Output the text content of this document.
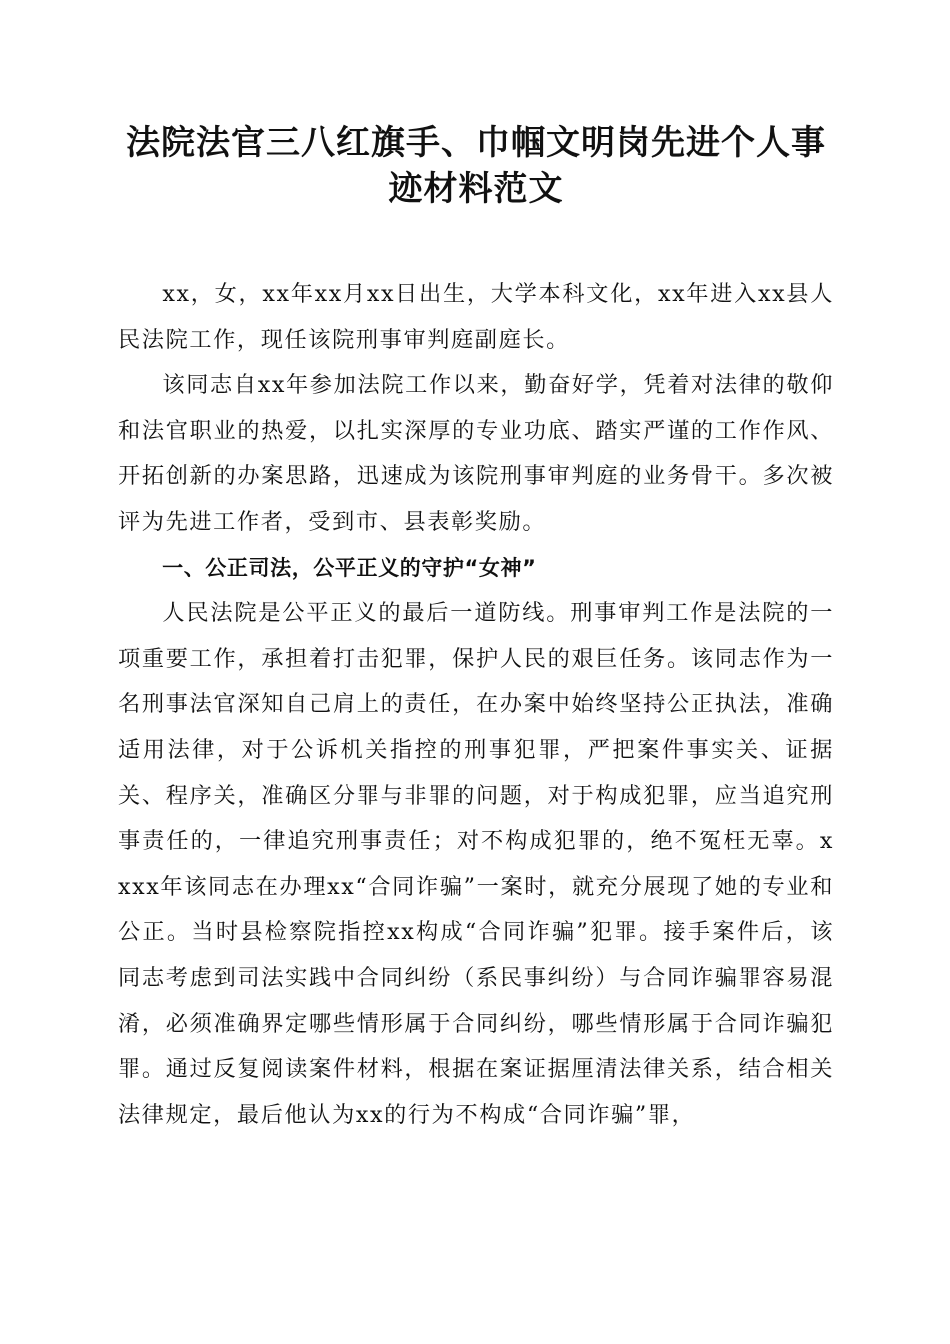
法院法官三八红旗手、巾帼文明岗先进个人事
迹材料范文

xx，女，xx年xx月xx日出生，大学本科文化，xx年进入xx县人民法院工作，现任该院刑事审判庭副庭长。

该同志自xx年参加法院工作以来，勤奋好学，凭着对法律的敬仰和法官职业的热爱，以扎实深厚的专业功底、踏实严谨的工作作风、开拓创新的办案思路，迅速成为该院刑事审判庭的业务骨干。多次被评为先进工作者，受到市、县表彰奖励。

一、公正司法，公平正义的守护“女神”

人民法院是公平正义的最后一道防线。刑事审判工作是法院的一项重要工作，承担着打击犯罪，保护人民的艰巨任务。该同志作为一名刑事法官深知自己肩上的责任，在办案中始终坚持公正执法，准确适用法律，对于公诉机关指控的刑事犯罪，严把案件事实关、证据关、程序关，准确区分罪与非罪的问题，对于构成犯罪，应当追究刑事责任的，一律追究刑事责任；对不构成犯罪的，绝不冤枉无辜。xxxx年该同志在办理xx“合同诈骗”一案时，就充分展现了她的专业和公正。当时县检察院指控xx构成“合同诈骗”犯罪。接手案件后，该同志考虑到司法实践中合同纠纷（系民事纠纷）与合同诈骗罪容易混淆，必须准确界定哪些情形属于合同纠纷，哪些情形属于合同诈骗犯罪。通过反复阅读案件材料，根据在案证据厘清法律关系，结合相关法律规定，最后他认为xx的行为不构成“合同诈骗”罪，
